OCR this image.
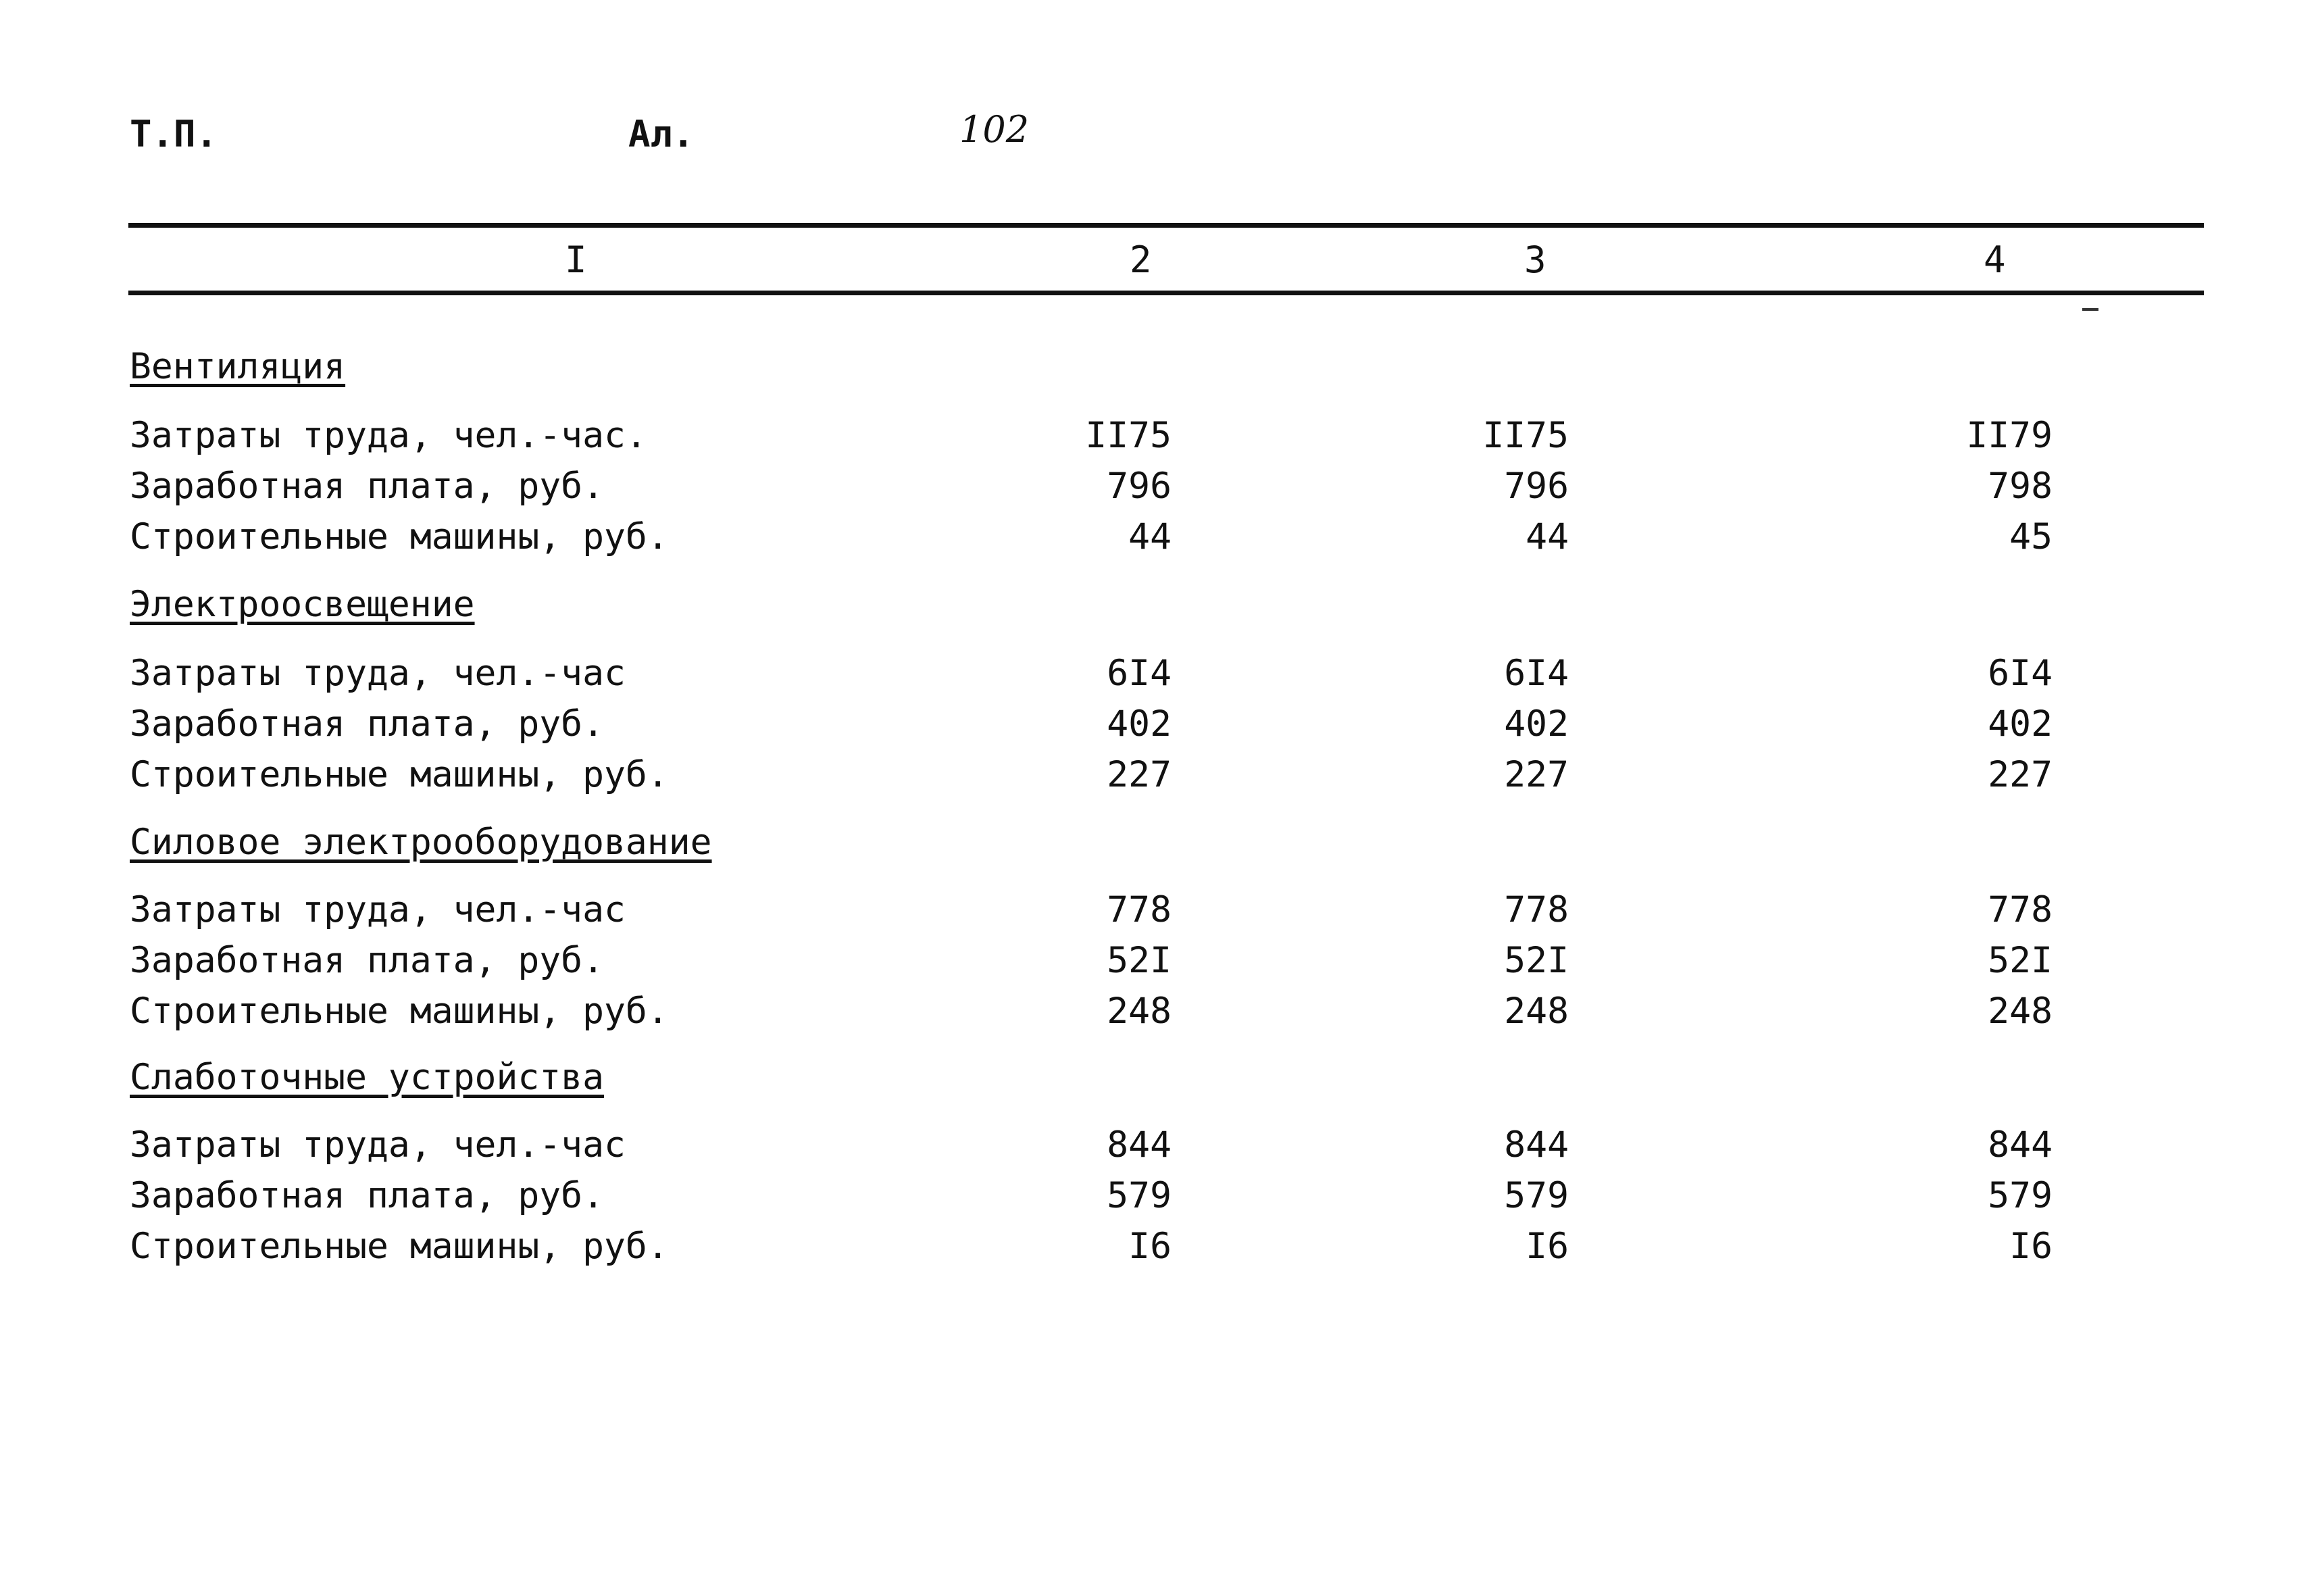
Т.П.	Ал.	102
I	2	3	4
Вентиляция
Затраты труда, чел.-час.	II75	II75	II79
Заработная плата, руб.	796	796	798
Строительные машины, руб.	44	44	45
Электроосвещение
Затраты труда, чел.-час	6I4	6I4	6I4
Заработная плата, руб.	402	402	402
Строительные машины, руб.	227	227	227
Силовое электрооборудование
Затраты труда, чел.-час	778	778	778
Заработная плата, руб.	52I	52I	52I
Строительные машины, руб.	248	248	248
Слаботочные устройства
Затраты труда, чел.-час	844	844	844
Заработная плата, руб.	579	579	579
Строительные машины, руб.	I6	I6	I6
